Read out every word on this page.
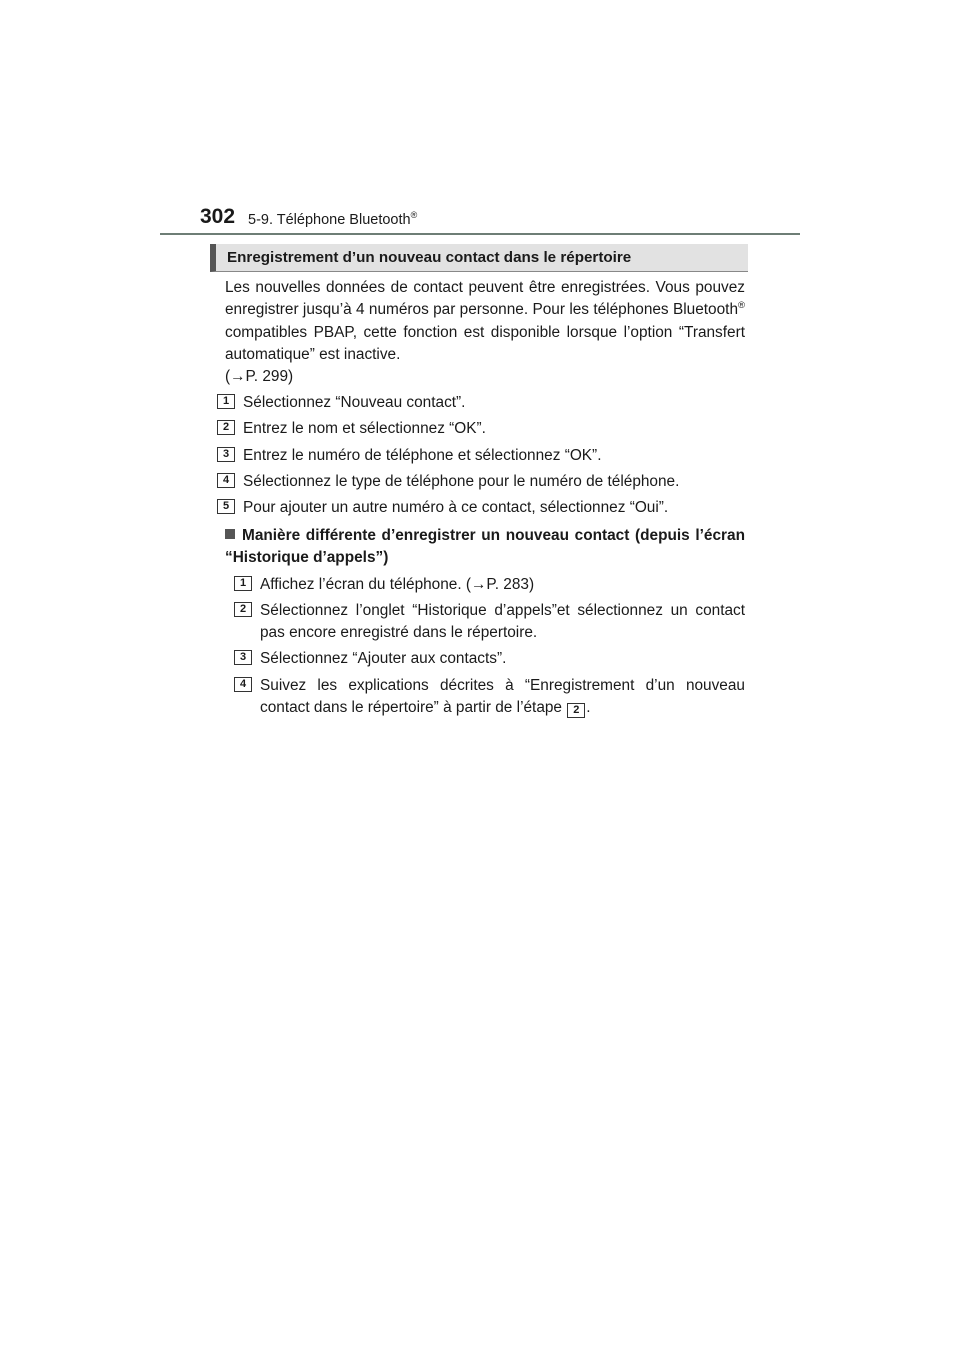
302 5-9. Téléphone Bluetooth®
Enregistrement d’un nouveau contact dans le répertoire

Les nouvelles données de contact peuvent être enregistrées. Vous pouvez enregistrer jusqu’à 4 numéros par personne. Pour les téléphones Bluetooth® compatibles PBAP, cette fonction est disponible lorsque l’option “Transfert automatique” est inactive.
(→P. 299)

1 Sélectionnez “Nouveau contact”.
2 Entrez le nom et sélectionnez “OK”.
3 Entrez le numéro de téléphone et sélectionnez “OK”.
4 Sélectionnez le type de téléphone pour le numéro de téléphone.
5 Pour ajouter un autre numéro à ce contact, sélectionnez “Oui”.
Manière différente d’enregistrer un nouveau contact (depuis l’écran “Historique d’appels”)
1 Affichez l’écran du téléphone. (→P. 283)
2 Sélectionnez l’onglet “Historique d’appels”et sélectionnez un contact pas encore enregistré dans le répertoire.
3 Sélectionnez “Ajouter aux contacts”.
4 Suivez les explications décrites à “Enregistrement d’un nouveau contact dans le répertoire” à partir de l’étape 2 .
